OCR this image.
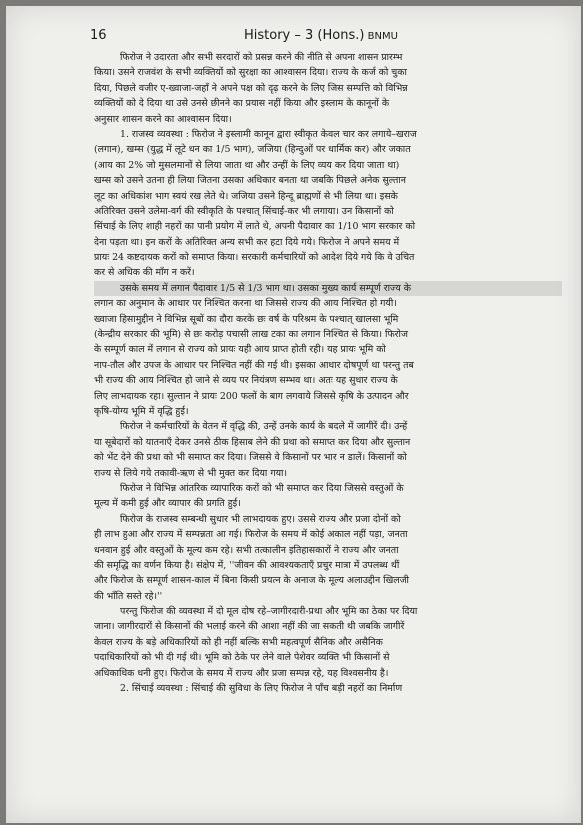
16	History – 3 (Hons.) BNMU
फिरोज ने उदारता और सभी सरदारों को प्रसन्न करने की नीति से अपना शासन प्रारम्भ
किया। उसने राजवंश के सभी व्यक्तियों को सुरक्षा का आश्वासन दिया। राज्य के कर्ज को चुका
दिया, पिछले वजीर ए-ख्वाजा-जहाँ ने अपने पक्ष को दृढ़ करने के लिए जिस सम्पत्ति को विभिन्न
व्यक्तियों को दे दिया था उसे उनसे छीनने का प्रयास नहीं किया और इस्लाम के कानूनों के
अनुसार शासन करने का आश्वासन दिया।
1. राजस्व व्यवस्था : फिरोज ने इस्लामी कानून द्वारा स्वीकृत केवल चार कर लगाये–खराज
(लगान), खम्स (युद्ध में लूटे धन का 1/5 भाग), जजिया (हिन्दुओं पर धार्मिक कर) और जकात
(आय का 2% जो मुसलमानों से लिया जाता था और उन्हीं के लिए व्यय कर दिया जाता था)
खम्स को उसने उतना ही लिया जितना उसका अधिकार बनता था जबकि पिछले अनेक सुल्तान
लूट का अधिकांश भाग स्वयं रख लेते थे। जजिया उसने हिन्दू ब्राह्मणों से भी लिया था। इसके
अतिरिक्त उसने उलेमा-वर्ग की स्वीकृति के पश्चात् सिंचाई-कर भी लगाया। उन किसानों को
सिंचाई के लिए शाही नहरों का पानी प्रयोग में लाते थे, अपनी पैदावार का 1/10 भाग सरकार को
देना पड़ता था। इन करों के अतिरिक्त अन्य सभी कर हटा दिये गये। फिरोज ने अपने समय में
प्रायः 24 कष्टदायक करों को समाप्त किया। सरकारी कर्मचारियों को आदेश दिये गये कि वे उचित
कर से अधिक की माँग न करें।
उसके समय में लगान पैदावार 1/5 से 1/3 भाग था। उसका मुख्य कार्य सम्पूर्ण राज्य के
लगान का अनुमान के आधार पर निश्चित करना था जिससे राज्य की आय निश्चित हो गयी।
ख्वाजा हिसामुद्दीन ने विभिन्न सूबों का दौरा करके छः वर्ष के परिश्रम के पश्चात् खालसा भूमि
(केन्द्रीय सरकार की भूमि) से छः करोड़ पचासी लाख टका का लगान निश्चित से किया। फिरोज
के सम्पूर्ण काल में लगान से राज्य को प्रायः यही आय प्राप्त होती रही। यह प्रायः भूमि को
नाप-तौल और उपज के आधार पर निश्चित नहीं की गई थी। इसका आधार दोषपूर्ण था परन्तु तब
भी राज्य की आय निश्चित हो जाने से व्यय पर नियंत्रण सम्भव था। अतः यह सुधार राज्य के
लिए लाभदायक रहा। सुल्तान ने प्रायः 200 फलों के बाग लगवाये जिससे कृषि के उत्पादन और
कृषि-योग्य भूमि में वृद्धि हुई।
फिरोज ने कर्मचारियों के वेतन में वृद्धि की, उन्हें उनके कार्य के बदले में जागीरें दी। उन्हें
या सूबेदारों को यातनाएँ देकर उनसे ठीक हिसाब लेने की प्रथा को समाप्त कर दिया और सुल्तान
को भेंट देने की प्रथा को भी समाप्त कर दिया। जिससे वे किसानों पर भार न डालें। किसानों को
राज्य से लिये गये तकावी-ऋण से भी मुक्त कर दिया गया।
फिरोज ने विभिन्न आंतरिक व्यापारिक करों को भी समाप्त कर दिया जिससे वस्तुओं के
मूल्य में कमी हुई और व्यापार की प्रगति हुई।
फिरोज के राजस्व सम्बन्धी सुधार भी लाभदायक हुए। उससे राज्य और प्रजा दोनों को
ही लाभ हुआ और राज्य में सम्पन्नता आ गई। फिरोज के समय में कोई अकाल नहीं पड़ा, जनता
धनवान हुई और वस्तुओं के मूल्य कम रहे। सभी तत्कालीन इतिहासकारों ने राज्य और जनता
की समृद्धि का वर्णन किया है। संक्षेप में, ''जीवन की आवश्यकताएँ प्रचुर मात्रा में उपलब्ध थीं
और फिरोज के सम्पूर्ण शासन-काल में बिना किसी प्रयत्न के अनाज के मूल्य अलाउद्दीन खिलजी
की भाँति सस्ते रहे।''
परन्तु फिरोज की व्यवस्था में दो मूल दोष रहे–जागीरदारी-प्रथा और भूमि का ठेका पर दिया
जाना। जागीरदारों से किसानों की भलाई करने की आशा नहीं की जा सकती थी जबकि जागीरें
केवल राज्य के बड़े अधिकारियों को ही नहीं बल्कि सभी महत्वपूर्ण सैनिक और असैनिक
पदाधिकारियों को भी दी गई थी। भूमि को ठेके पर लेने वाले पेशेवर व्यक्ति भी किसानों से
अधिकाधिक धनी हुए। फिरोज के समय में राज्य और प्रजा सम्पन्न रहे, यह विश्वसनीय है।
2. सिंचाई व्यवस्था : सिंचाई की सुविधा के लिए फिरोज ने पाँच बड़ी नहरों का निर्माण
